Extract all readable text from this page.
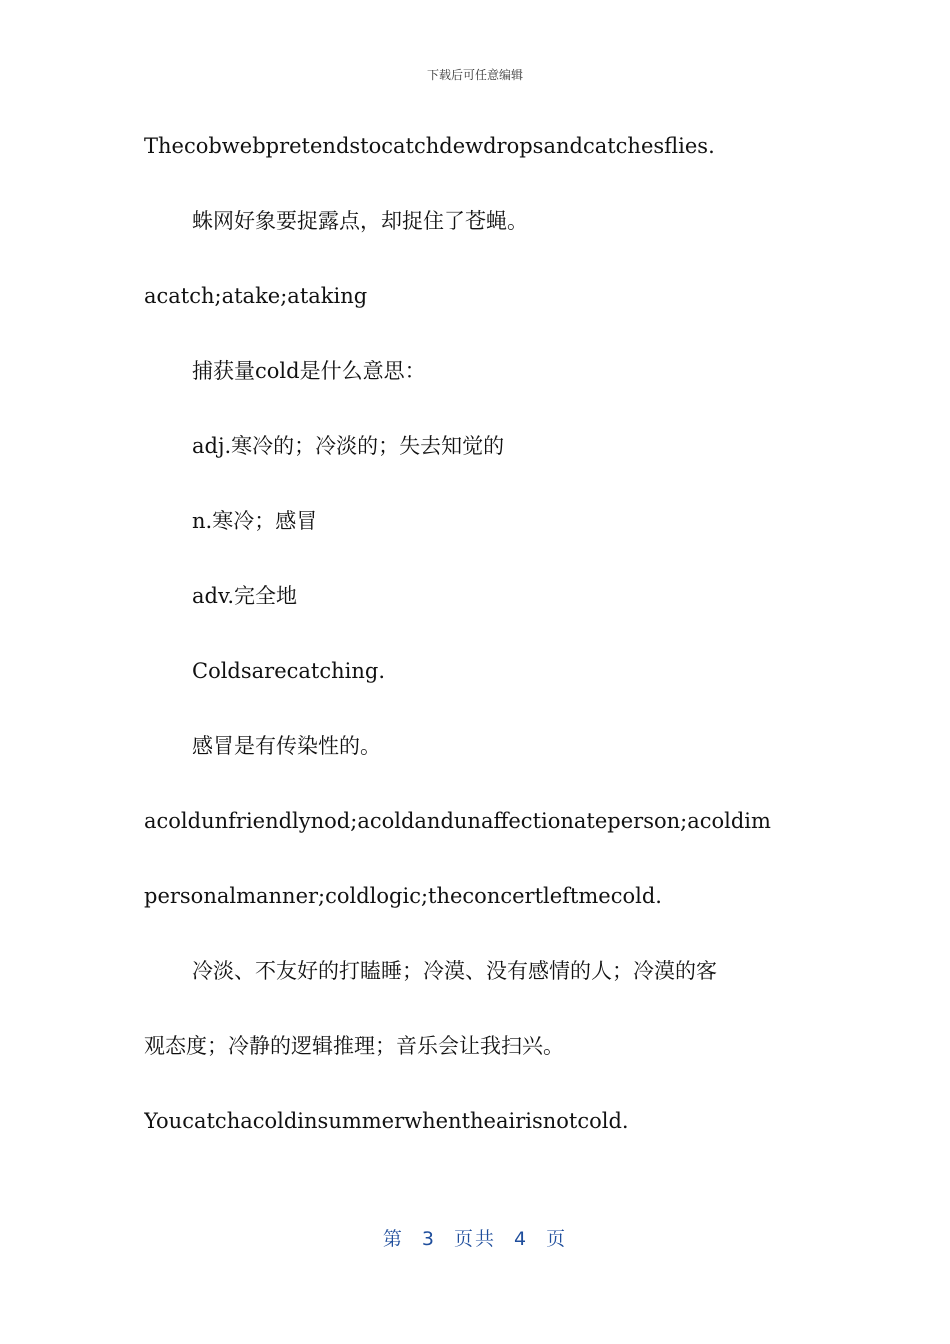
下载后可任意编辑
Thecobwebpretendstocatchdewdropsandcatchesflies.
蛛网好象要捉露点，却捉住了苍蝇。
acatch;atake;ataking
捕获量cold是什么意思：
adj.寒冷的；冷淡的；失去知觉的
n.寒冷；感冒
adv.完全地
Coldsarecatching.
感冒是有传染性的。
acoldunfriendlynod;acoldandunaffectionateperson;acoldim
personalmanner;coldlogic;theconcertleftmecold.
冷淡、不友好的打瞌睡；冷漠、没有感情的人；冷漠的客
观态度；冷静的逻辑推理；音乐会让我扫兴。
Youcatchacoldinsummerwhentheairisnotcold.
第 3 页共 4 页
